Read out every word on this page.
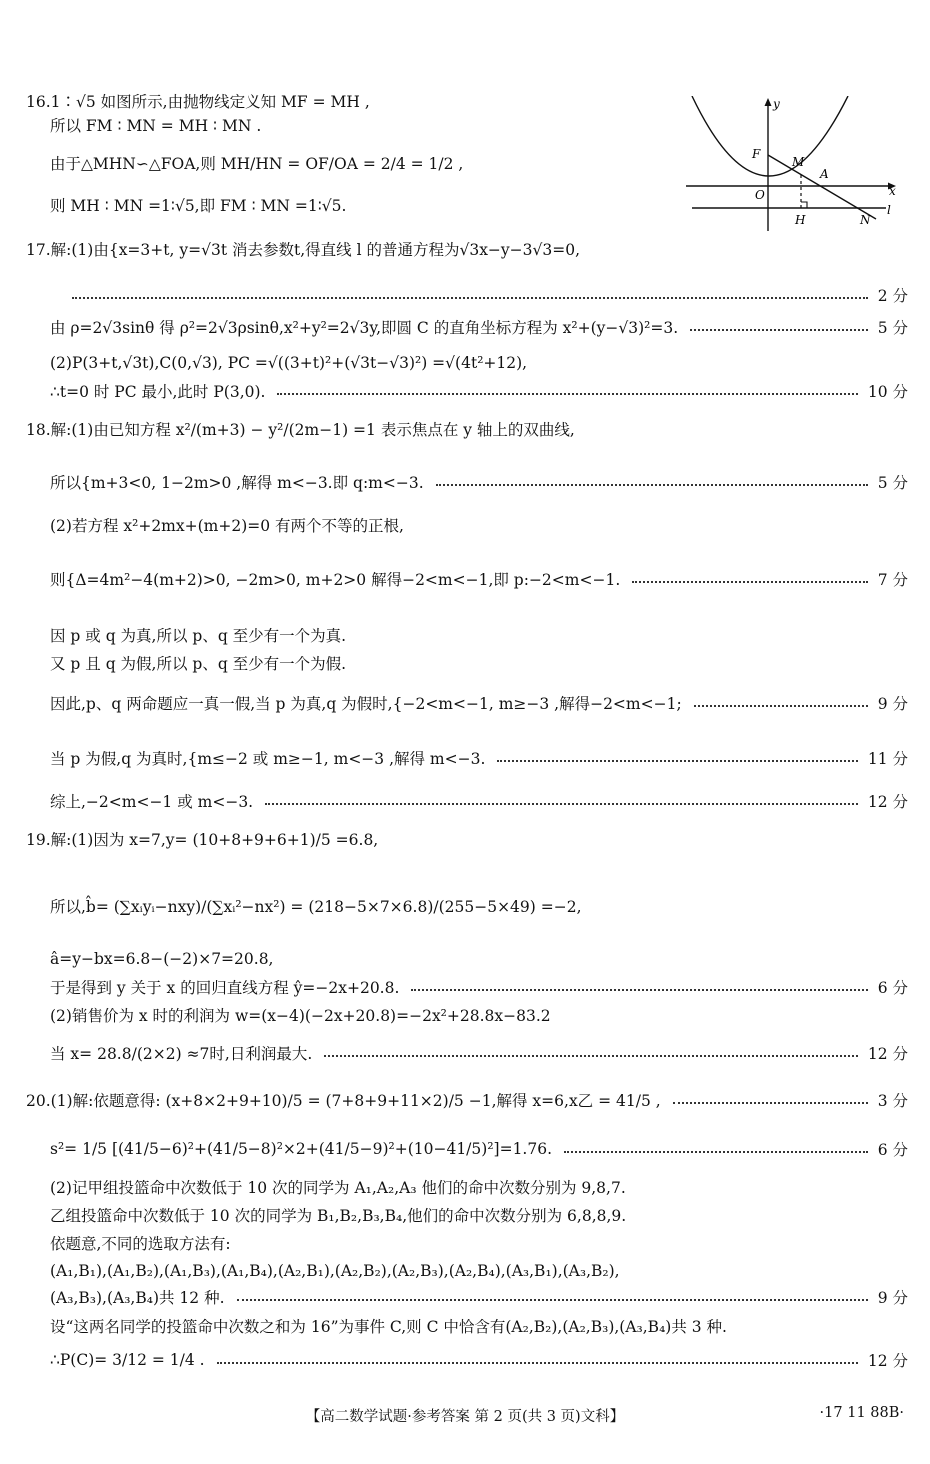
16.1∶√5 如图所示,由抛物线定义知 MF = MH ,
所以 FM ∶ MN = MH ∶ MN .
由于△MHN∽△FOA,则 MH/HN = OF/OA = 2/4 = 1/2 ,
则 MH ∶ MN =1∶√5,即 FM ∶ MN =1∶√5.
17.解:(1)由{x=3+t, y=√3t 消去参数t,得直线 l 的普通方程为√3x−y−3√3=0,
2 分
由 ρ=2√3sinθ 得 ρ²=2√3ρsinθ,x²+y²=2√3y,即圆 C 的直角坐标方程为 x²+(y−√3)²=3.	5 分
(2)P(3+t,√3t),C(0,√3), PC =√((3+t)²+(√3t−√3)²) =√(4t²+12),
∴t=0 时 PC 最小,此时 P(3,0).	10 分
18.解:(1)由已知方程 x²/(m+3) − y²/(2m−1) =1 表示焦点在 y 轴上的双曲线,
所以{m+3<0, 1−2m>0 ,解得 m<−3.即 q:m<−3.	5 分
(2)若方程 x²+2mx+(m+2)=0 有两个不等的正根,
则{Δ=4m²−4(m+2)>0, −2m>0, m+2>0 解得−2<m<−1,即 p:−2<m<−1.	7 分
因 p 或 q 为真,所以 p、q 至少有一个为真.
又 p 且 q 为假,所以 p、q 至少有一个为假.
因此,p、q 两命题应一真一假,当 p 为真,q 为假时,{−2<m<−1, m≥−3 ,解得−2<m<−1;	9 分
当 p 为假,q 为真时,{m≤−2 或 m≥−1, m<−3 ,解得 m<−3.	11 分
综上,−2<m<−1 或 m<−3.	12 分
19.解:(1)因为 x=7,y= (10+8+9+6+1)/5 =6.8,
所以,b̂= (∑xᵢyᵢ−nxy)/(∑xᵢ²−nx²) = (218−5×7×6.8)/(255−5×49) =−2,
â=y−bx=6.8−(−2)×7=20.8,
于是得到 y 关于 x 的回归直线方程 ŷ=−2x+20.8.	6 分
(2)销售价为 x 时的利润为 w=(x−4)(−2x+20.8)=−2x²+28.8x−83.2
当 x= 28.8/(2×2) ≈7时,日利润最大.	12 分
20.(1)解:依题意得: (x+8×2+9+10)/5 = (7+8+9+11×2)/5 −1,解得 x=6,x乙 = 41/5 ,	3 分
s²= 1/5 [(41/5−6)²+(41/5−8)²×2+(41/5−9)²+(10−41/5)²]=1.76.	6 分
(2)记甲组投篮命中次数低于 10 次的同学为 A₁,A₂,A₃ 他们的命中次数分别为 9,8,7.
乙组投篮命中次数低于 10 次的同学为 B₁,B₂,B₃,B₄,他们的命中次数分别为 6,8,8,9.
依题意,不同的选取方法有:
(A₁,B₁),(A₁,B₂),(A₁,B₃),(A₁,B₄),(A₂,B₁),(A₂,B₂),(A₂,B₃),(A₂,B₄),(A₃,B₁),(A₃,B₂),
(A₃,B₃),(A₃,B₄)共 12 种.	9 分
设“这两名同学的投篮命中次数之和为 16”为事件 C,则 C 中恰含有(A₂,B₂),(A₂,B₃),(A₃,B₄)共 3 种.
∴P(C)= 3/12 = 1/4 .	12 分
y
x
F
M
A
O
H	N
l
【高二数学试题·参考答案 第 2 页(共 3 页)文科】	·17 11 88B·
